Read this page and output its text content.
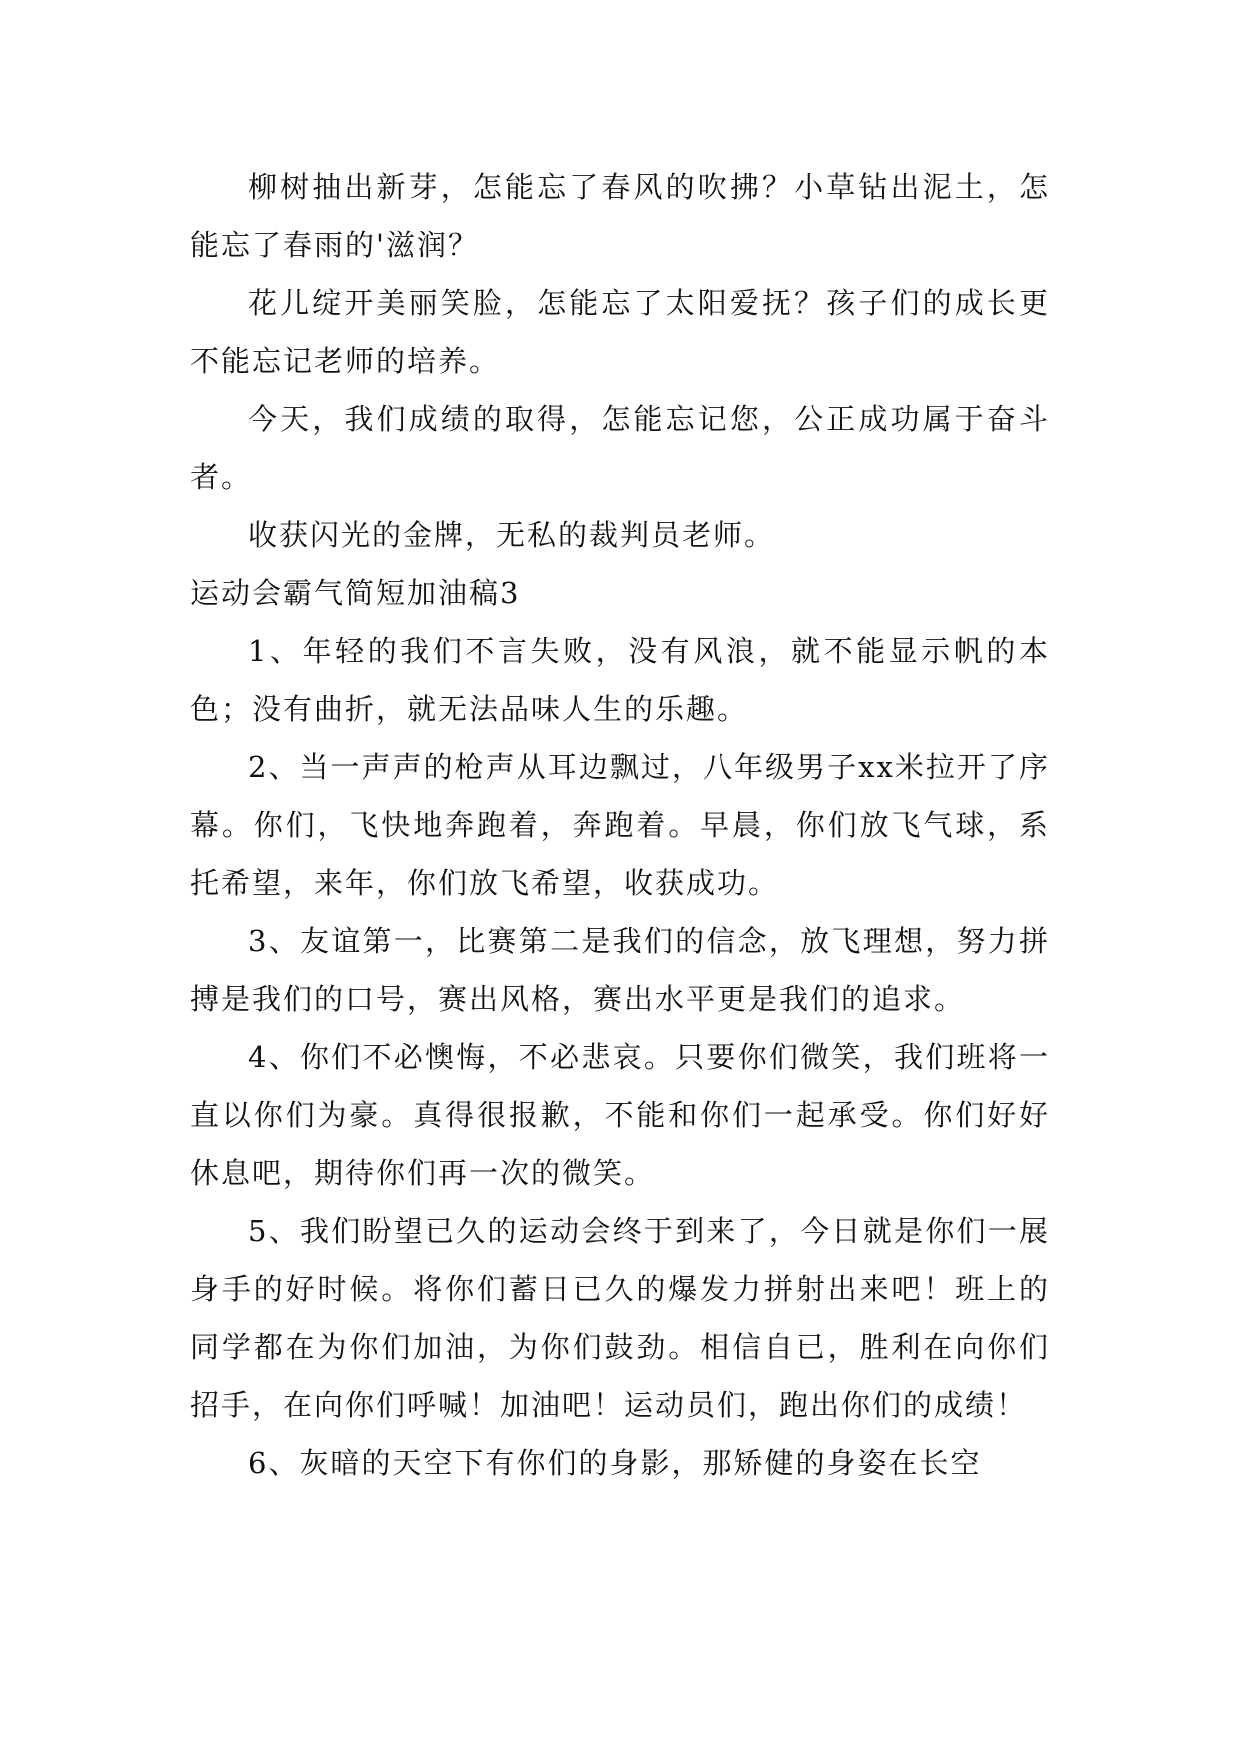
柳树抽出新芽，怎能忘了春风的吹拂？小草钻出泥土，怎能忘了春雨的'滋润？

花儿绽开美丽笑脸，怎能忘了太阳爱抚？孩子们的成长更不能忘记老师的培养。

今天，我们成绩的取得，怎能忘记您，公正成功属于奋斗者。

收获闪光的金牌，无私的裁判员老师。

运动会霸气简短加油稿3

1、年轻的我们不言失败，没有风浪，就不能显示帆的本色；没有曲折，就无法品味人生的乐趣。

2、当一声声的枪声从耳边飘过，八年级男子xx米拉开了序幕。你们，飞快地奔跑着，奔跑着。早晨，你们放飞气球，系托希望，来年，你们放飞希望，收获成功。

3、友谊第一，比赛第二是我们的信念，放飞理想，努力拼搏是我们的口号，赛出风格，赛出水平更是我们的追求。

4、你们不必懊悔，不必悲哀。只要你们微笑，我们班将一直以你们为豪。真得很报歉，不能和你们一起承受。你们好好休息吧，期待你们再一次的微笑。

5、我们盼望已久的运动会终于到来了，今日就是你们一展身手的好时候。将你们蓄日已久的爆发力拼射出来吧！班上的同学都在为你们加油，为你们鼓劲。相信自已，胜利在向你们招手，在向你们呼喊！加油吧！运动员们，跑出你们的成绩！

6、灰暗的天空下有你们的身影，那矫健的身姿在长空
